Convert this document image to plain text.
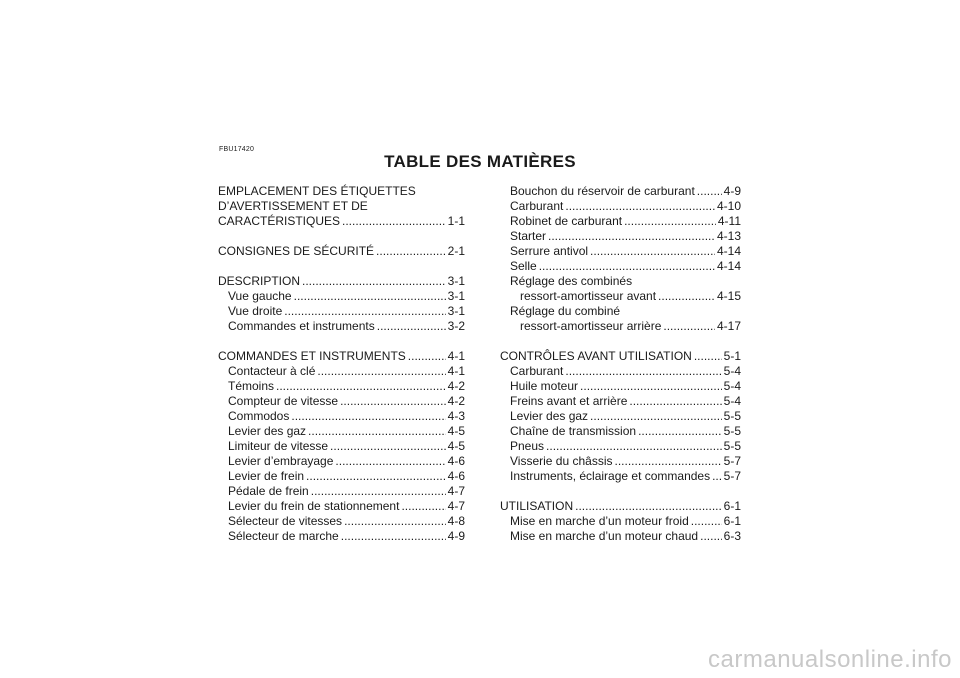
FBU17420
TABLE DES MATIÈRES
EMPLACEMENT DES ÉTIQUETTES
D’AVERTISSEMENT ET DE
CARACTÉRISTIQUES .....	1-1
CONSIGNES DE SÉCURITÉ .....	2-1
DESCRIPTION .....	3-1
Vue gauche .....	3-1
Vue droite .....	3-1
Commandes et instruments .....	3-2
COMMANDES ET INSTRUMENTS .....	4-1
Contacteur à clé .....	4-1
Témoins .....	4-2
Compteur de vitesse .....	4-2
Commodos .....	4-3
Levier des gaz .....	4-5
Limiteur de vitesse .....	4-5
Levier d’embrayage .....	4-6
Levier de frein .....	4-6
Pédale de frein .....	4-7
Levier du frein de stationnement .....	4-7
Sélecteur de vitesses .....	4-8
Sélecteur de marche .....	4-9
Bouchon du réservoir de carburant ..... 4-9
Carburant .....	4-10
Robinet de carburant .....	4-11
Starter .....	4-13
Serrure antivol .....	4-14
Selle .....	4-14
Réglage des combinés
ressort-amortisseur avant .....	4-15
Réglage du combiné
ressort-amortisseur arrière .....	4-17
CONTRÔLES AVANT UTILISATION .....	5-1
Carburant .....	5-4
Huile moteur .....	5-4
Freins avant et arrière .....	5-4
Levier des gaz .....	5-5
Chaîne de transmission .....	5-5
Pneus .....	5-5
Visserie du châssis .....	5-7
Instruments, éclairage et commandes ..... 5-7
UTILISATION .....	6-1
Mise en marche d’un moteur froid .....	6-1
Mise en marche d’un moteur chaud ..... 6-3
carmanualsonline.info
